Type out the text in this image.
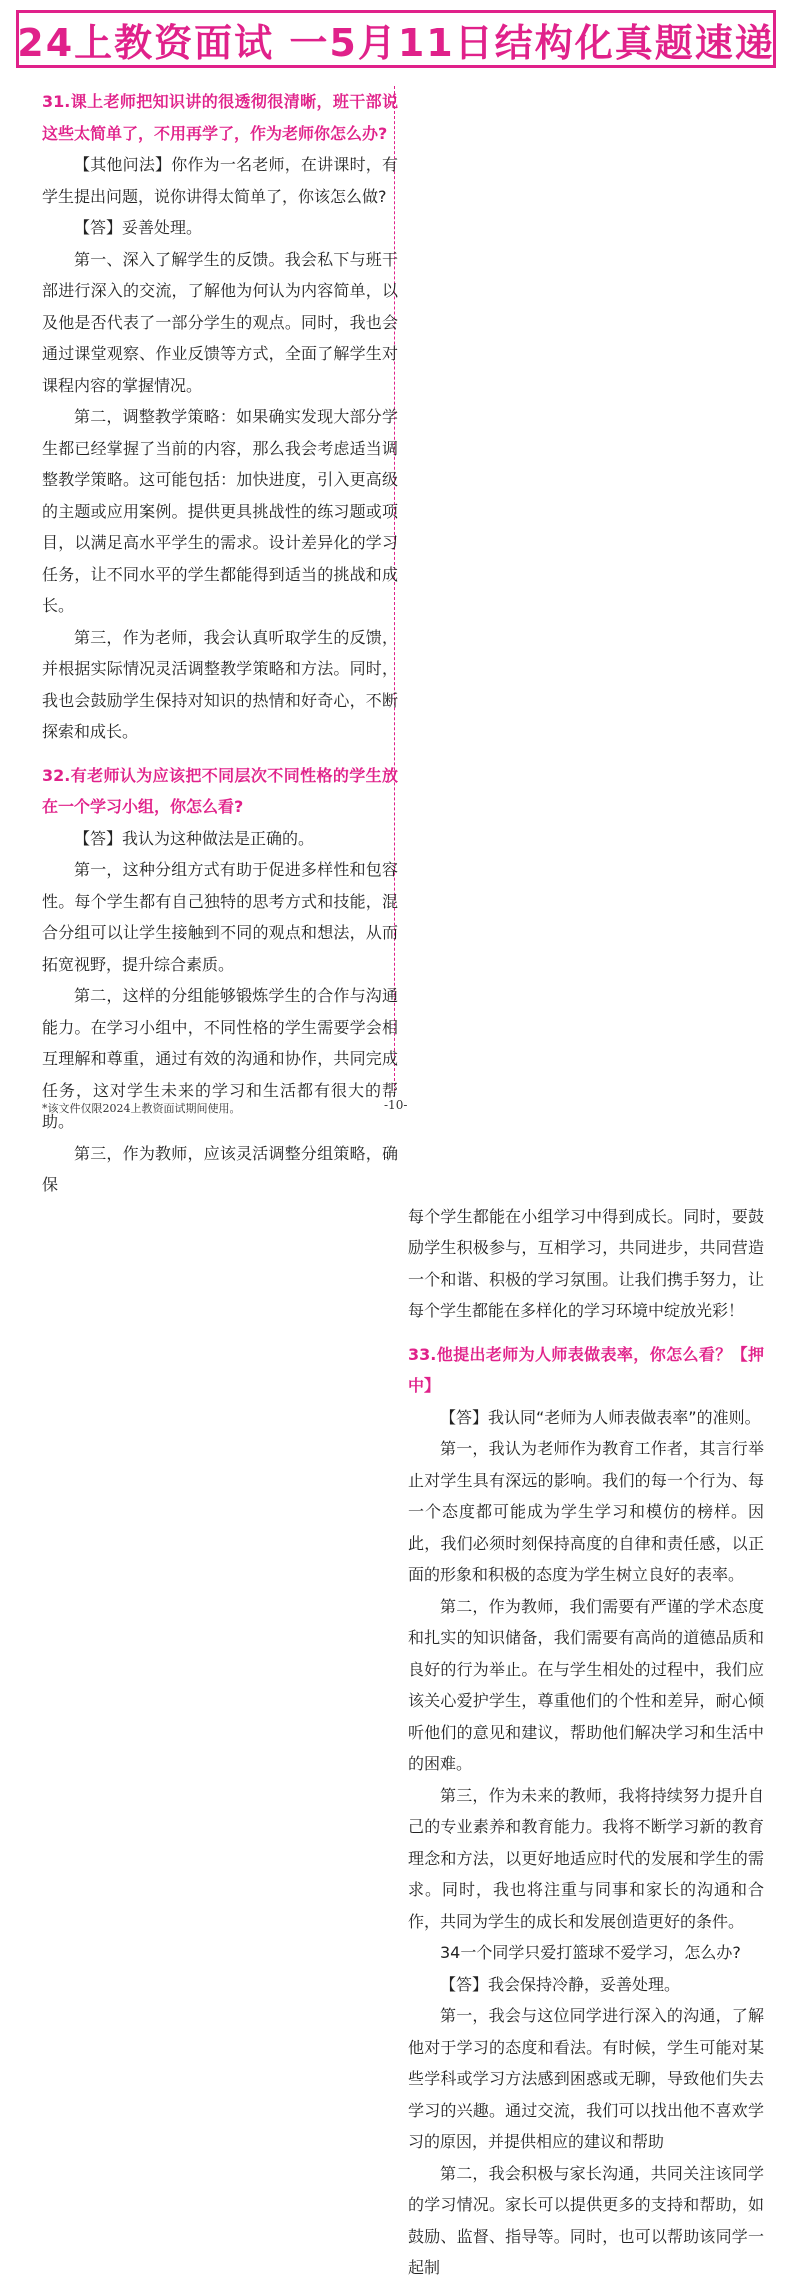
24上教资面试 一5月11日结构化真题速递

31.课上老师把知识讲的很透彻很清晰，班干部说这些太简单了，不用再学了，作为老师你怎么办?

【其他问法】你作为一名老师，在讲课时，有学生提出问题，说你讲得太简单了，你该怎么做?

【答】妥善处理。

第一、深入了解学生的反馈。我会私下与班干部进行深入的交流，了解他为何认为内容简单，以及他是否代表了一部分学生的观点。同时，我也会通过课堂观察、作业反馈等方式，全面了解学生对课程内容的掌握情况。

第二，调整教学策略：如果确实发现大部分学生都已经掌握了当前的内容，那么我会考虑适当调整教学策略。这可能包括：加快进度，引入更高级的主题或应用案例。提供更具挑战性的练习题或项目，以满足高水平学生的需求。设计差异化的学习任务，让不同水平的学生都能得到适当的挑战和成长。

第三，作为老师，我会认真听取学生的反馈，并根据实际情况灵活调整教学策略和方法。同时，我也会鼓励学生保持对知识的热情和好奇心，不断探索和成长。

32.有老师认为应该把不同层次不同性格的学生放在一个学习小组，你怎么看?

【答】我认为这种做法是正确的。

第一，这种分组方式有助于促进多样性和包容性。每个学生都有自己独特的思考方式和技能，混合分组可以让学生接触到不同的观点和想法，从而拓宽视野，提升综合素质。

第二，这样的分组能够锻炼学生的合作与沟通能力。在学习小组中，不同性格的学生需要学会相互理解和尊重，通过有效的沟通和协作，共同完成任务，这对学生未来的学习和生活都有很大的帮助。

第三，作为教师，应该灵活调整分组策略，确保

每个学生都能在小组学习中得到成长。同时，要鼓励学生积极参与，互相学习，共同进步，共同营造一个和谐、积极的学习氛围。让我们携手努力，让每个学生都能在多样化的学习环境中绽放光彩！

33.他提出老师为人师表做表率，你怎么看？【押中】

【答】我认同“老师为人师表做表率”的准则。

第一，我认为老师作为教育工作者，其言行举止对学生具有深远的影响。我们的每一个行为、每一个态度都可能成为学生学习和模仿的榜样。因此，我们必须时刻保持高度的自律和责任感，以正面的形象和积极的态度为学生树立良好的表率。

第二，作为教师，我们需要有严谨的学术态度和扎实的知识储备，我们需要有高尚的道德品质和良好的行为举止。在与学生相处的过程中，我们应该关心爱护学生，尊重他们的个性和差异，耐心倾听他们的意见和建议，帮助他们解决学习和生活中的困难。

第三，作为未来的教师，我将持续努力提升自己的专业素养和教育能力。我将不断学习新的教育理念和方法，以更好地适应时代的发展和学生的需求。同时，我也将注重与同事和家长的沟通和合作，共同为学生的成长和发展创造更好的条件。

34一个同学只爱打篮球不爱学习，怎么办?

【答】我会保持冷静，妥善处理。

第一，我会与这位同学进行深入的沟通，了解他对于学习的态度和看法。有时候，学生可能对某些学科或学习方法感到困惑或无聊，导致他们失去学习的兴趣。通过交流，我们可以找出他不喜欢学习的原因，并提供相应的建议和帮助

第二，我会积极与家长沟通，共同关注该同学的学习情况。家长可以提供更多的支持和帮助，如鼓励、监督、指导等。同时，也可以帮助该同学一起制

*该文件仅限2024上教资面试期间使用。	-10-
